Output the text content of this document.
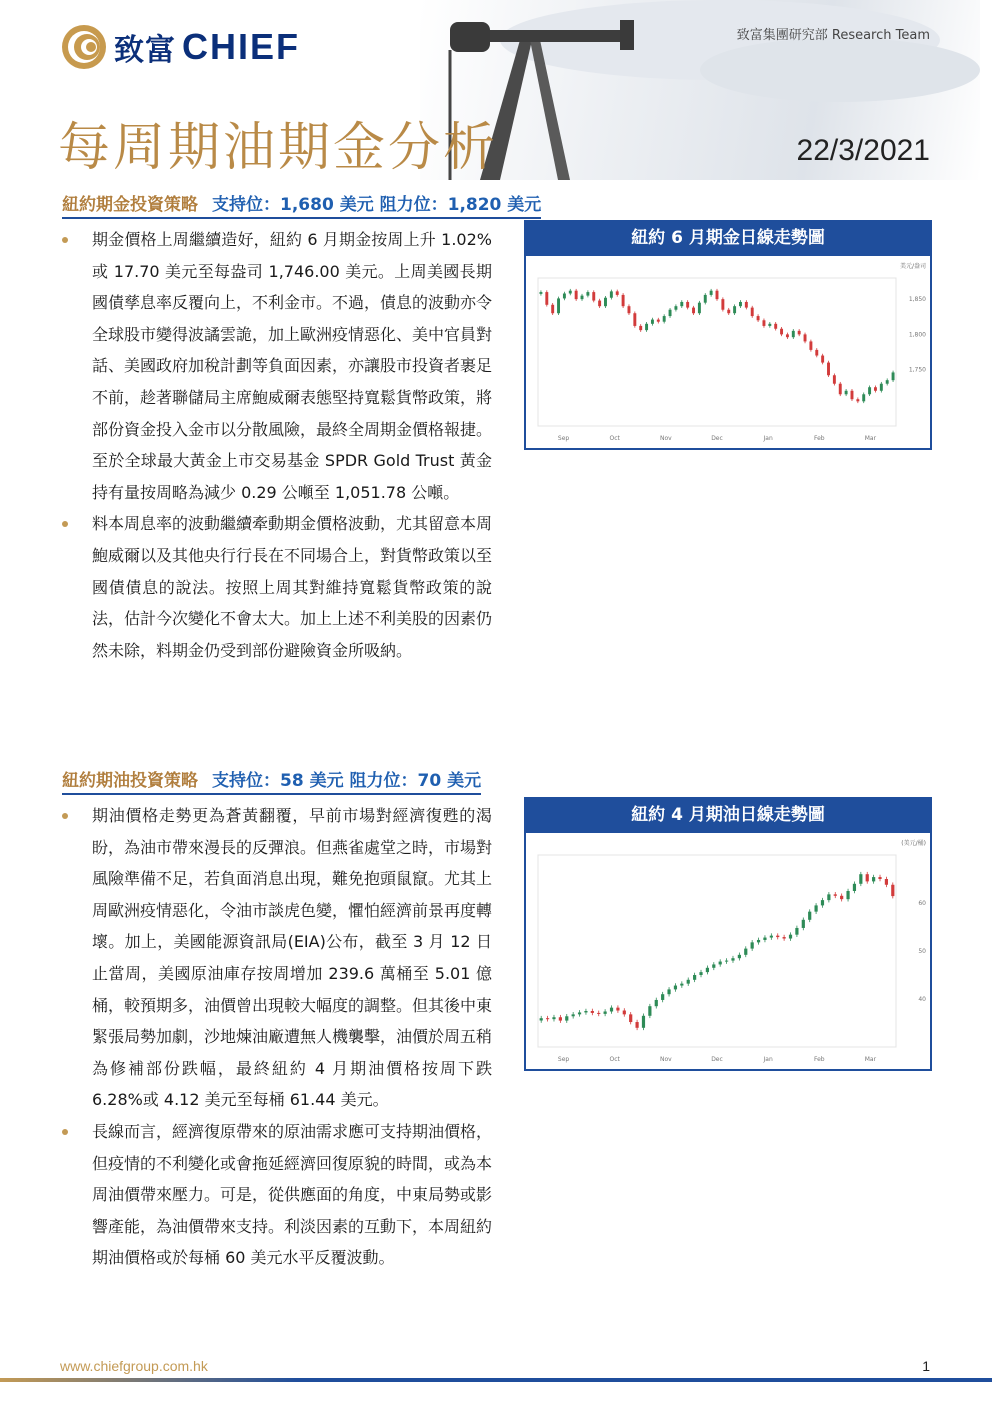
致富 CHIEF	致富集團研究部 Research Team
每周期油期金分析	22/3/2021
紐約期金投資策略 支持位：1,680 美元 阻力位：1,820 美元
期金價格上周繼續造好，紐約 6 月期金按周上升 1.02%或 17.70 美元至每盎司 1,746.00 美元。上周美國長期國債孳息率反覆向上，不利金市。不過，債息的波動亦令全球股市變得波譎雲詭，加上歐洲疫情惡化、美中官員對話、美國政府加稅計劃等負面因素，亦讓股市投資者裹足不前，趁著聯儲局主席鮑威爾表態堅持寬鬆貨幣政策，將部份資金投入金市以分散風險，最終全周期金價格報捷。至於全球最大黃金上市交易基金 SPDR Gold Trust 黃金持有量按周略為減少 0.29 公噸至 1,051.78 公噸。
料本周息率的波動繼續牽動期金價格波動，尤其留意本周鮑威爾以及其他央行行長在不同場合上，對貨幣政策以至國債債息的說法。按照上周其對維持寬鬆貨幣政策的說法，估計今次變化不會太大。加上上述不利美股的因素仍然未除，料期金仍受到部份避險資金所吸納。
紐約 6 月期金日線走勢圖
美元/盎司
1,850
1,800
1,750
Sep	Oct	Nov	Dec	Jan	Feb	Mar
紐約期油投資策略 支持位：58 美元 阻力位：70 美元
期油價格走勢更為蒼黃翻覆，早前市場對經濟復甦的渴盼，為油市帶來漫長的反彈浪。但燕雀處堂之時，市場對風險準備不足，若負面消息出現，難免抱頭鼠竄。尤其上周歐洲疫情惡化，令油市談虎色變，懼怕經濟前景再度轉壞。加上，美國能源資訊局(EIA)公布，截至 3 月 12 日止當周，美國原油庫存按周增加 239.6 萬桶至 5.01 億桶，較預期多，油價曾出現較大幅度的調整。但其後中東緊張局勢加劇，沙地煉油廠遭無人機襲擊，油價於周五稍為修補部份跌幅，最終紐約 4 月期油價格按周下跌 6.28%或 4.12 美元至每桶 61.44 美元。
長線而言，經濟復原帶來的原油需求應可支持期油價格，但疫情的不利變化或會拖延經濟回復原貌的時間，或為本周油價帶來壓力。可是，從供應面的角度，中東局勢或影響產能，為油價帶來支持。利淡因素的互動下，本周紐約期油價格或於每桶 60 美元水平反覆波動。
紐約 4 月期油日線走勢圖
(美元/桶)
60
50
40
Sep	Oct	Nov	Dec	Jan	Feb	Mar
www.chiefgroup.com.hk	1
